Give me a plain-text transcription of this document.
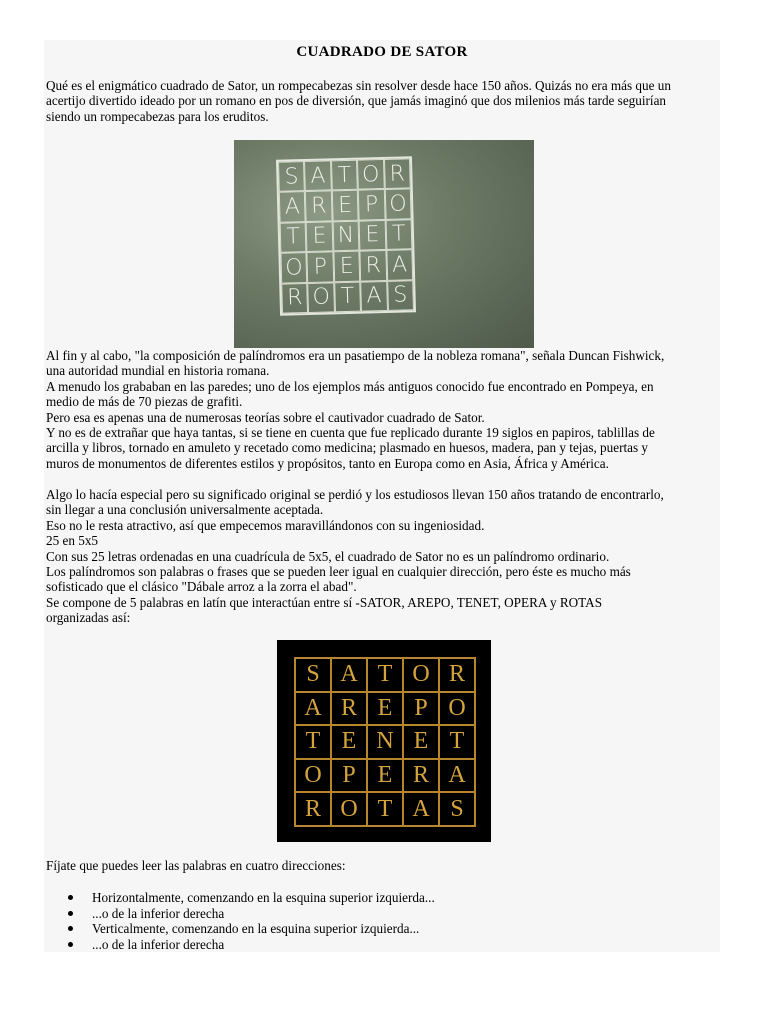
CUADRADO DE SATOR

Qué es el enigmático cuadrado de Sator, un rompecabezas sin resolver desde hace 150 años. Quizás no era más que un
acertijo divertido ideado por un romano en pos de diversión, que jamás imaginó que dos milenios más tarde seguirían
siendo un rompecabezas para los eruditos.

S A T O R
A R E P O
T E N E T
O P E R A
R O T A S

Al fin y al cabo, "la composición de palíndromos era un pasatiempo de la nobleza romana", señala Duncan Fishwick,
una autoridad mundial en historia romana.
A menudo los grababan en las paredes; uno de los ejemplos más antiguos conocido fue encontrado en Pompeya, en
medio de más de 70 piezas de grafiti.
Pero esa es apenas una de numerosas teorías sobre el cautivador cuadrado de Sator.
Y no es de extrañar que haya tantas, si se tiene en cuenta que fue replicado durante 19 siglos en papiros, tablillas de
arcilla y libros, tornado en amuleto y recetado como medicina; plasmado en huesos, madera, pan y tejas, puertas y
muros de monumentos de diferentes estilos y propósitos, tanto en Europa como en Asia, África y América.

Algo lo hacía especial pero su significado original se perdió y los estudiosos llevan 150 años tratando de encontrarlo,
sin llegar a una conclusión universalmente aceptada.
Eso no le resta atractivo, así que empecemos maravillándonos con su ingeniosidad.
25 en 5x5
Con sus 25 letras ordenadas en una cuadrícula de 5x5, el cuadrado de Sator no es un palíndromo ordinario.
Los palíndromos son palabras o frases que se pueden leer igual en cualquier dirección, pero éste es mucho más
sofisticado que el clásico "Dábale arroz a la zorra el abad".
Se compone de 5 palabras en latín que interactúan entre sí -SATOR, AREPO, TENET, OPERA y ROTAS
organizadas así:

S A T O R
A R E P O
T E N E T
O P E R A
R O T A S

Fíjate que puedes leer las palabras en cuatro direcciones:

Horizontalmente, comenzando en la esquina superior izquierda...
...o de la inferior derecha
Verticalmente, comenzando en la esquina superior izquierda...
...o de la inferior derecha
